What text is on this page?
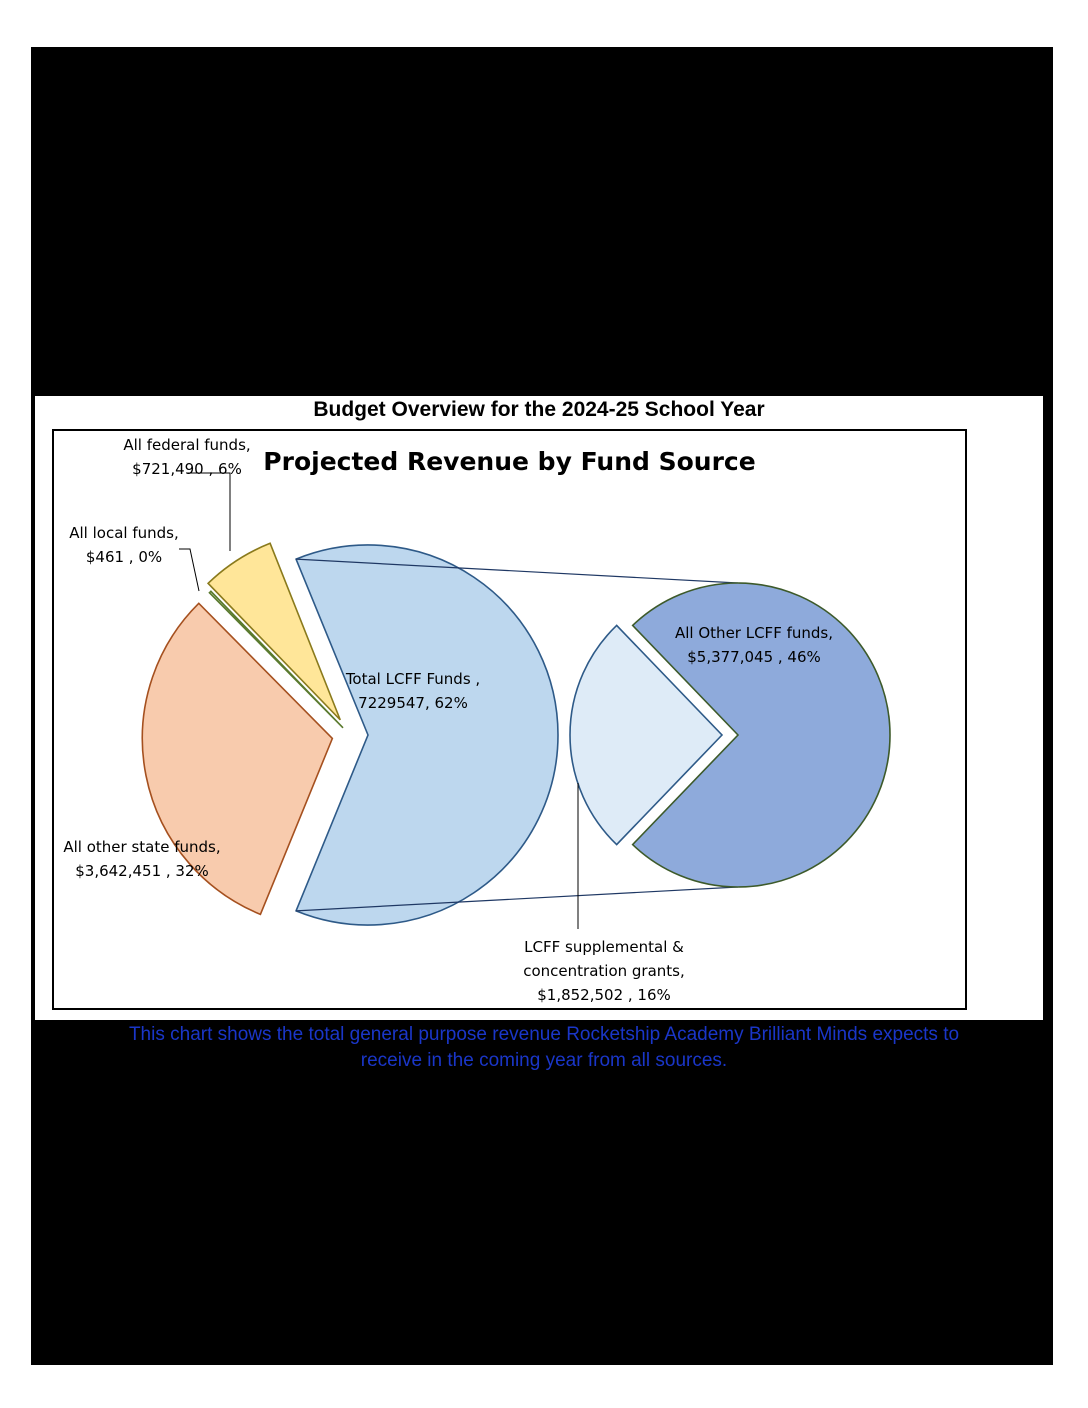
Budget Overview for the 2024-25 School Year
Projected Revenue by Fund Source
Total LCFF Funds ,
7229547, 62%
All other state funds,
$3,642,451 , 32%
All local funds,
$461 , 0%
All federal funds,
$721,490 , 6%
All Other LCFF funds,
$5,377,045 , 46%
LCFF supplemental &
concentration grants,
$1,852,502 , 16%
This chart shows the total general purpose revenue Rocketship Academy Brilliant Minds expects to
receive in the coming year from all sources.
